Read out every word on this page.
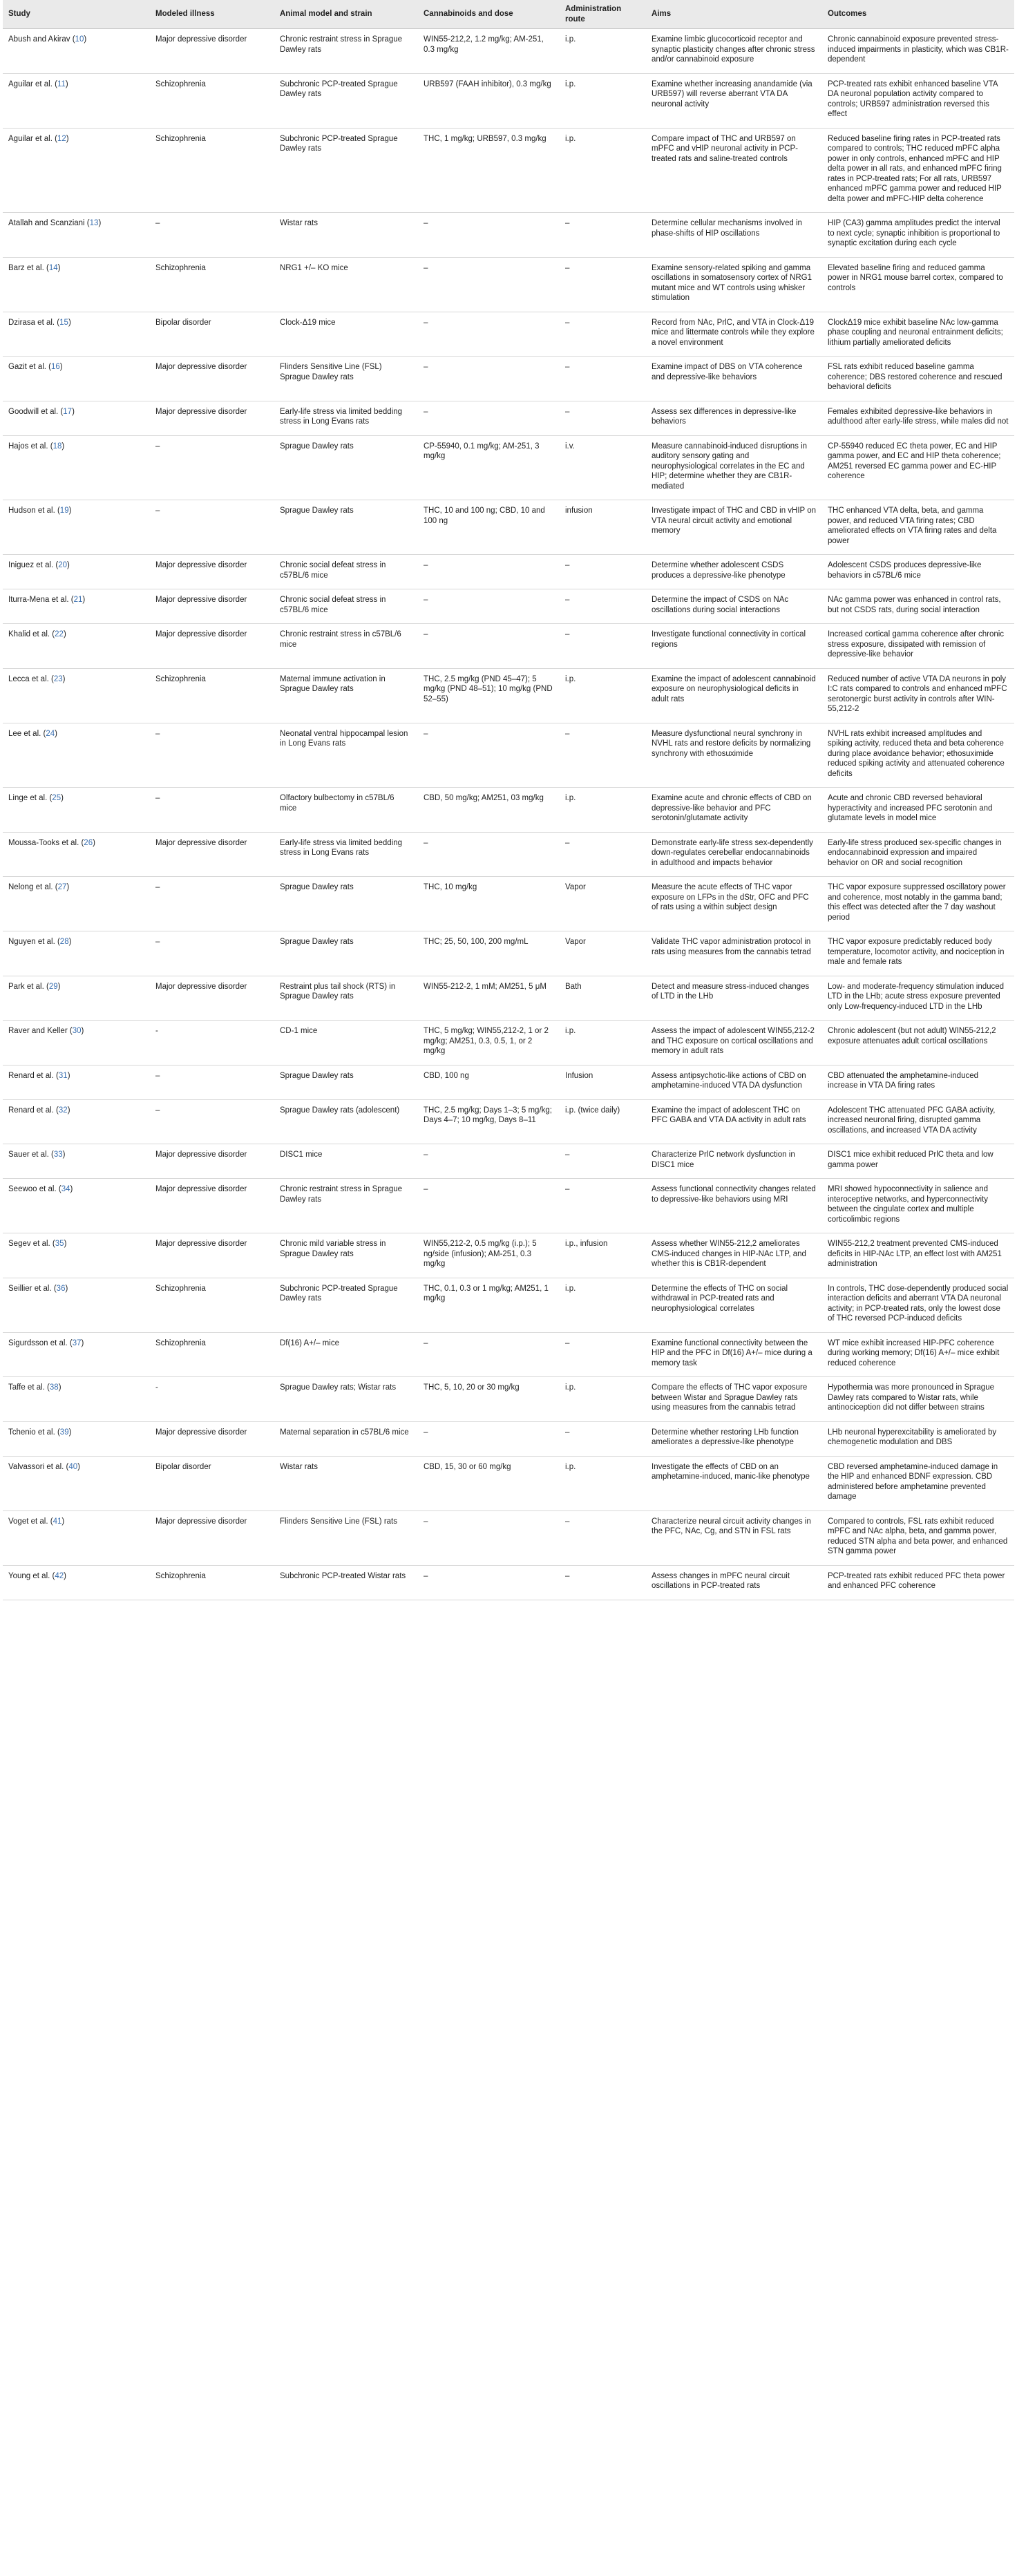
Study	Modeled illness	Animal model and strain	Cannabinoids and dose	Administration route	Aims	Outcomes
Abush and Akirav (10)	Major depressive disorder	Chronic restraint stress in Sprague Dawley rats	WIN55-212,2, 1.2 mg/kg; AM-251, 0.3 mg/kg	i.p.	Examine limbic glucocorticoid receptor and synaptic plasticity changes after chronic stress and/or cannabinoid exposure	Chronic cannabinoid exposure prevented stress-induced impairments in plasticity, which was CB1R-dependent
Aguilar et al. (11)	Schizophrenia	Subchronic PCP-treated Sprague Dawley rats	URB597 (FAAH inhibitor), 0.3 mg/kg	i.p.	Examine whether increasing anandamide (via URB597) will reverse aberrant VTA DA neuronal activity	PCP-treated rats exhibit enhanced baseline VTA DA neuronal population activity compared to controls; URB597 administration reversed this effect
Aguilar et al. (12)	Schizophrenia	Subchronic PCP-treated Sprague Dawley rats	THC, 1 mg/kg; URB597, 0.3 mg/kg	i.p.	Compare impact of THC and URB597 on mPFC and vHIP neuronal activity in PCP-treated rats and saline-treated controls	Reduced baseline firing rates in PCP-treated rats compared to controls; THC reduced mPFC alpha power in only controls, enhanced mPFC and HIP delta power in all rats, and enhanced mPFC firing rates in PCP-treated rats; For all rats, URB597 enhanced mPFC gamma power and reduced HIP delta power and mPFC-HIP delta coherence
Atallah and Scanziani (13)	–	Wistar rats	–	–	Determine cellular mechanisms involved in phase-shifts of HIP oscillations	HIP (CA3) gamma amplitudes predict the interval to next cycle; synaptic inhibition is proportional to synaptic excitation during each cycle
Barz et al. (14)	Schizophrenia	NRG1 +/– KO mice	–	–	Examine sensory-related spiking and gamma oscillations in somatosensory cortex of NRG1 mutant mice and WT controls using whisker stimulation	Elevated baseline firing and reduced gamma power in NRG1 mouse barrel cortex, compared to controls
Dzirasa et al. (15)	Bipolar disorder	Clock-Δ19 mice	–	–	Record from NAc, PrlC, and VTA in Clock-Δ19 mice and littermate controls while they explore a novel environment	ClockΔ19 mice exhibit baseline NAc low-gamma phase coupling and neuronal entrainment deficits; lithium partially ameliorated deficits
Gazit et al. (16)	Major depressive disorder	Flinders Sensitive Line (FSL) Sprague Dawley rats	–	–	Examine impact of DBS on VTA coherence and depressive-like behaviors	FSL rats exhibit reduced baseline gamma coherence; DBS restored coherence and rescued behavioral deficits
Goodwill et al. (17)	Major depressive disorder	Early-life stress via limited bedding stress in Long Evans rats	–	–	Assess sex differences in depressive-like behaviors	Females exhibited depressive-like behaviors in adulthood after early-life stress, while males did not
Hajos et al. (18)	–	Sprague Dawley rats	CP-55940, 0.1 mg/kg; AM-251, 3 mg/kg	i.v.	Measure cannabinoid-induced disruptions in auditory sensory gating and neurophysiological correlates in the EC and HIP; determine whether they are CB1R-mediated	CP-55940 reduced EC theta power, EC and HIP gamma power, and EC and HIP theta coherence; AM251 reversed EC gamma power and EC-HIP coherence
Hudson et al. (19)	–	Sprague Dawley rats	THC, 10 and 100 ng; CBD, 10 and 100 ng	infusion	Investigate impact of THC and CBD in vHIP on VTA neural circuit activity and emotional memory	THC enhanced VTA delta, beta, and gamma power, and reduced VTA firing rates; CBD ameliorated effects on VTA firing rates and delta power
Iniguez et al. (20)	Major depressive disorder	Chronic social defeat stress in c57BL/6 mice	–	–	Determine whether adolescent CSDS produces a depressive-like phenotype	Adolescent CSDS produces depressive-like behaviors in c57BL/6 mice
Iturra-Mena et al. (21)	Major depressive disorder	Chronic social defeat stress in c57BL/6 mice	–	–	Determine the impact of CSDS on NAc oscillations during social interactions	NAc gamma power was enhanced in control rats, but not CSDS rats, during social interaction
Khalid et al. (22)	Major depressive disorder	Chronic restraint stress in c57BL/6 mice	–	–	Investigate functional connectivity in cortical regions	Increased cortical gamma coherence after chronic stress exposure, dissipated with remission of depressive-like behavior
Lecca et al. (23)	Schizophrenia	Maternal immune activation in Sprague Dawley rats	THC, 2.5 mg/kg (PND 45–47); 5 mg/kg (PND 48–51); 10 mg/kg (PND 52–55)	i.p.	Examine the impact of adolescent cannabinoid exposure on neurophysiological deficits in adult rats	Reduced number of active VTA DA neurons in poly I:C rats compared to controls and enhanced mPFC serotonergic burst activity in controls after WIN-55,212-2
Lee et al. (24)	–	Neonatal ventral hippocampal lesion in Long Evans rats	–	–	Measure dysfunctional neural synchrony in NVHL rats and restore deficits by normalizing synchrony with ethosuximide	NVHL rats exhibit increased amplitudes and spiking activity, reduced theta and beta coherence during place avoidance behavior; ethosuximide reduced spiking activity and attenuated coherence deficits
Linge et al. (25)	–	Olfactory bulbectomy in c57BL/6 mice	CBD, 50 mg/kg; AM251, 03 mg/kg	i.p.	Examine acute and chronic effects of CBD on depressive-like behavior and PFC serotonin/glutamate activity	Acute and chronic CBD reversed behavioral hyperactivity and increased PFC serotonin and glutamate levels in model mice
Moussa-Tooks et al. (26)	Major depressive disorder	Early-life stress via limited bedding stress in Long Evans rats	–	–	Demonstrate early-life stress sex-dependently down-regulates cerebellar endocannabinoids in adulthood and impacts behavior	Early-life stress produced sex-specific changes in endocannabinoid expression and impaired behavior on OR and social recognition
Nelong et al. (27)	–	Sprague Dawley rats	THC, 10 mg/kg	Vapor	Measure the acute effects of THC vapor exposure on LFPs in the dStr, OFC and PFC of rats using a within subject design	THC vapor exposure suppressed oscillatory power and coherence, most notably in the gamma band; this effect was detected after the 7 day washout period
Nguyen et al. (28)	–	Sprague Dawley rats	THC; 25, 50, 100, 200 mg/mL	Vapor	Validate THC vapor administration protocol in rats using measures from the cannabis tetrad	THC vapor exposure predictably reduced body temperature, locomotor activity, and nociception in male and female rats
Park et al. (29)	Major depressive disorder	Restraint plus tail shock (RTS) in Sprague Dawley rats	WIN55-212-2, 1 mM; AM251, 5 μM	Bath	Detect and measure stress-induced changes of LTD in the LHb	Low- and moderate-frequency stimulation induced LTD in the LHb; acute stress exposure prevented only Low-frequency-induced LTD in the LHb
Raver and Keller (30)	-	CD-1 mice	THC, 5 mg/kg; WIN55,212-2, 1 or 2 mg/kg; AM251, 0.3, 0.5, 1, or 2 mg/kg	i.p.	Assess the impact of adolescent WIN55,212-2 and THC exposure on cortical oscillations and memory in adult rats	Chronic adolescent (but not adult) WIN55-212,2 exposure attenuates adult cortical oscillations
Renard et al. (31)	–	Sprague Dawley rats	CBD, 100 ng	Infusion	Assess antipsychotic-like actions of CBD on amphetamine-induced VTA DA dysfunction	CBD attenuated the amphetamine-induced increase in VTA DA firing rates
Renard et al. (32)	–	Sprague Dawley rats (adolescent)	THC, 2.5 mg/kg; Days 1–3; 5 mg/kg; Days 4–7; 10 mg/kg, Days 8–11	i.p. (twice daily)	Examine the impact of adolescent THC on PFC GABA and VTA DA activity in adult rats	Adolescent THC attenuated PFC GABA activity, increased neuronal firing, disrupted gamma oscillations, and increased VTA DA activity
Sauer et al. (33)	Major depressive disorder	DISC1 mice	–	–	Characterize PrlC network dysfunction in DISC1 mice	DISC1 mice exhibit reduced PrlC theta and low gamma power
Seewoo et al. (34)	Major depressive disorder	Chronic restraint stress in Sprague Dawley rats	–	–	Assess functional connectivity changes related to depressive-like behaviors using MRI	MRI showed hypoconnectivity in salience and interoceptive networks, and hyperconnectivity between the cingulate cortex and multiple corticolimbic regions
Segev et al. (35)	Major depressive disorder	Chronic mild variable stress in Sprague Dawley rats	WIN55,212-2, 0.5 mg/kg (i.p.); 5 ng/side (infusion); AM-251, 0.3 mg/kg	i.p., infusion	Assess whether WIN55-212,2 ameliorates CMS-induced changes in HIP-NAc LTP, and whether this is CB1R-dependent	WIN55-212,2 treatment prevented CMS-induced deficits in HIP-NAc LTP, an effect lost with AM251 administration
Seillier et al. (36)	Schizophrenia	Subchronic PCP-treated Sprague Dawley rats	THC, 0.1, 0.3 or 1 mg/kg; AM251, 1 mg/kg	i.p.	Determine the effects of THC on social withdrawal in PCP-treated rats and neurophysiological correlates	In controls, THC dose-dependently produced social interaction deficits and aberrant VTA DA neuronal activity; in PCP-treated rats, only the lowest dose of THC reversed PCP-induced deficits
Sigurdsson et al. (37)	Schizophrenia	Df(16) A+/– mice	–	–	Examine functional connectivity between the HIP and the PFC in Df(16) A+/– mice during a memory task	WT mice exhibit increased HIP-PFC coherence during working memory; Df(16) A+/– mice exhibit reduced coherence
Taffe et al. (38)	-	Sprague Dawley rats; Wistar rats	THC, 5, 10, 20 or 30 mg/kg	i.p.	Compare the effects of THC vapor exposure between Wistar and Sprague Dawley rats using measures from the cannabis tetrad	Hypothermia was more pronounced in Sprague Dawley rats compared to Wistar rats, while antinociception did not differ between strains
Tchenio et al. (39)	Major depressive disorder	Maternal separation in c57BL/6 mice	–	–	Determine whether restoring LHb function ameliorates a depressive-like phenotype	LHb neuronal hyperexcitability is ameliorated by chemogenetic modulation and DBS
Valvassori et al. (40)	Bipolar disorder	Wistar rats	CBD, 15, 30 or 60 mg/kg	i.p.	Investigate the effects of CBD on an amphetamine-induced, manic-like phenotype	CBD reversed amphetamine-induced damage in the HIP and enhanced BDNF expression. CBD administered before amphetamine prevented damage
Voget et al. (41)	Major depressive disorder	Flinders Sensitive Line (FSL) rats	–	–	Characterize neural circuit activity changes in the PFC, NAc, Cg, and STN in FSL rats	Compared to controls, FSL rats exhibit reduced mPFC and NAc alpha, beta, and gamma power, reduced STN alpha and beta power, and enhanced STN gamma power
Young et al. (42)	Schizophrenia	Subchronic PCP-treated Wistar rats	–	–	Assess changes in mPFC neural circuit oscillations in PCP-treated rats	PCP-treated rats exhibit reduced PFC theta power and enhanced PFC coherence
